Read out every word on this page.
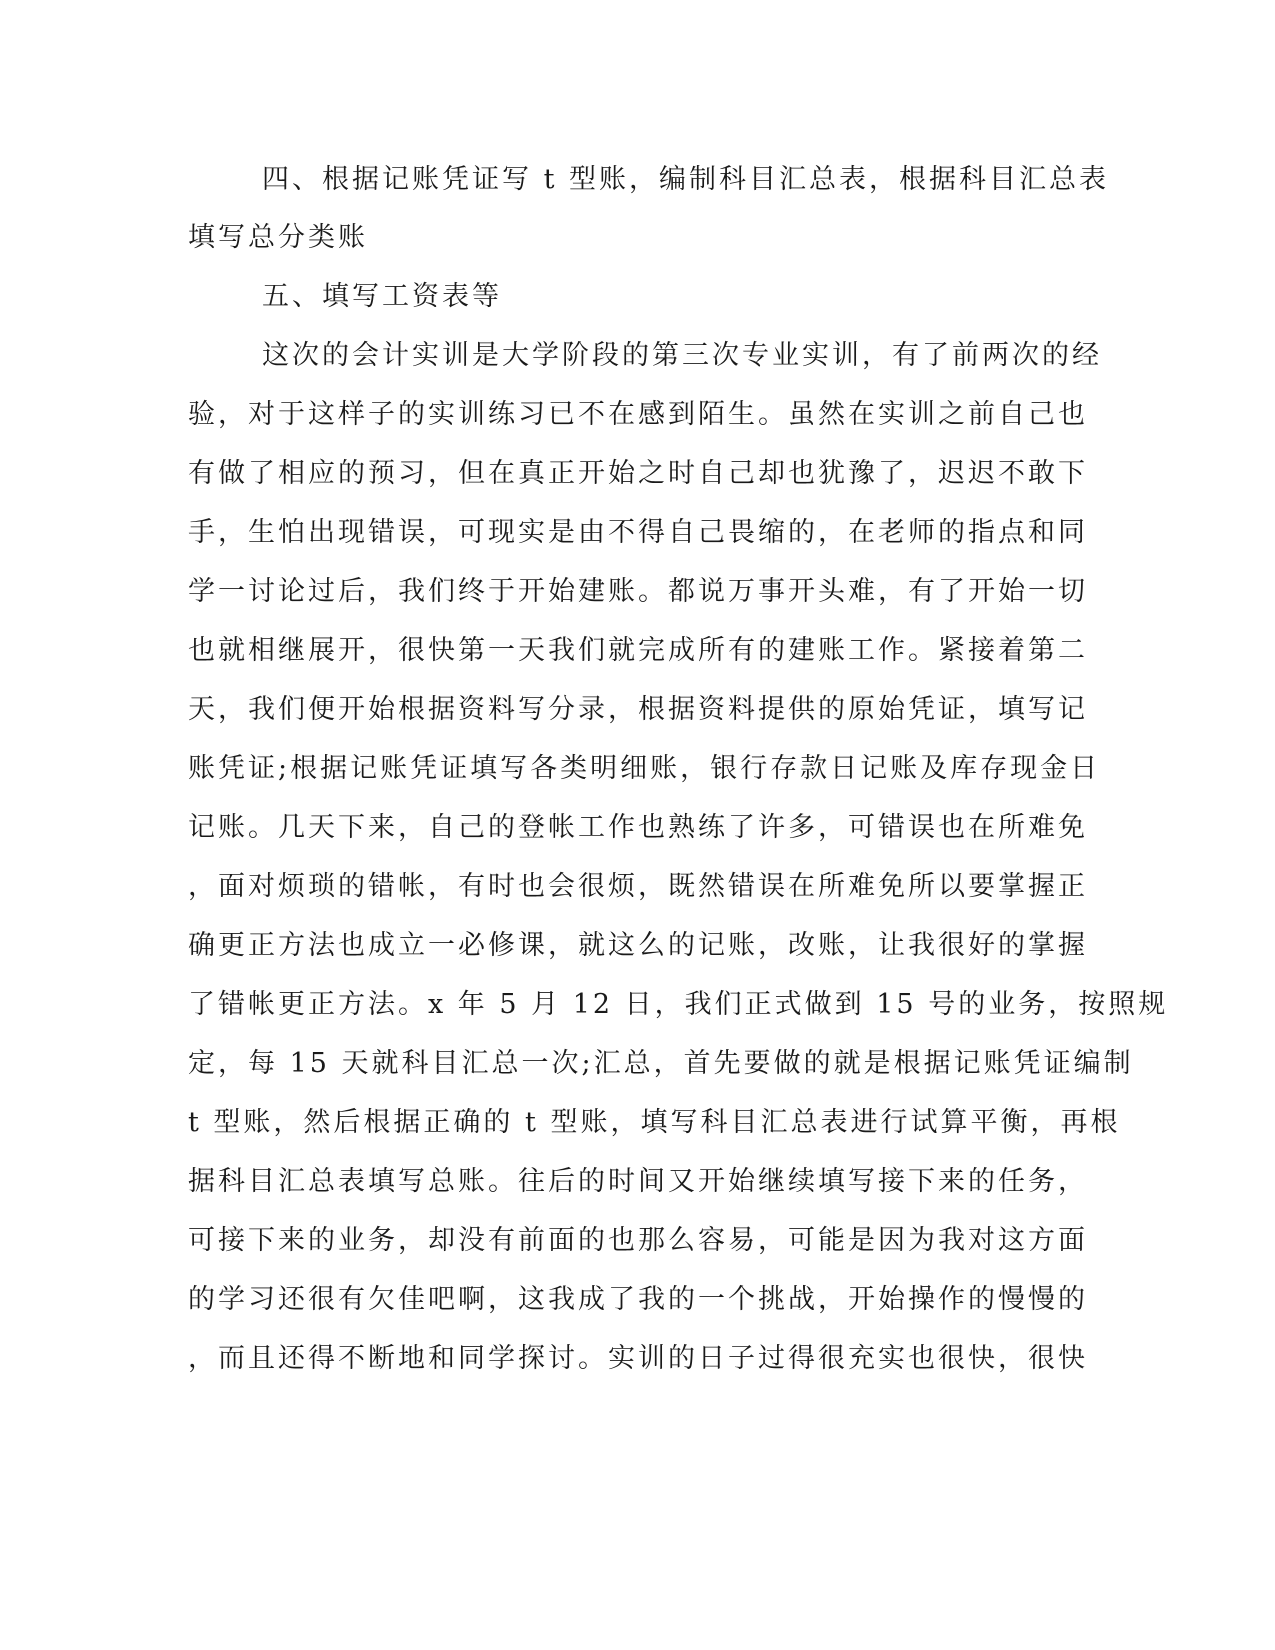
四、根据记账凭证写 t 型账，编制科目汇总表，根据科目汇总表
填写总分类账
五、填写工资表等
这次的会计实训是大学阶段的第三次专业实训，有了前两次的经
验，对于这样子的实训练习已不在感到陌生。虽然在实训之前自己也
有做了相应的预习，但在真正开始之时自己却也犹豫了，迟迟不敢下
手，生怕出现错误，可现实是由不得自己畏缩的，在老师的指点和同
学一讨论过后，我们终于开始建账。都说万事开头难，有了开始一切
也就相继展开，很快第一天我们就完成所有的建账工作。紧接着第二
天，我们便开始根据资料写分录，根据资料提供的原始凭证，填写记
账凭证;根据记账凭证填写各类明细账，银行存款日记账及库存现金日
记账。几天下来，自己的登帐工作也熟练了许多，可错误也在所难免
，面对烦琐的错帐，有时也会很烦，既然错误在所难免所以要掌握正
确更正方法也成立一必修课，就这么的记账，改账，让我很好的掌握
了错帐更正方法。x 年 5 月 12 日，我们正式做到 15 号的业务，按照规
定，每 15 天就科目汇总一次;汇总，首先要做的就是根据记账凭证编制
t 型账，然后根据正确的 t 型账，填写科目汇总表进行试算平衡，再根
据科目汇总表填写总账。往后的时间又开始继续填写接下来的任务，
可接下来的业务，却没有前面的也那么容易，可能是因为我对这方面
的学习还很有欠佳吧啊，这我成了我的一个挑战，开始操作的慢慢的
，而且还得不断地和同学探讨。实训的日子过得很充实也很快，很快
